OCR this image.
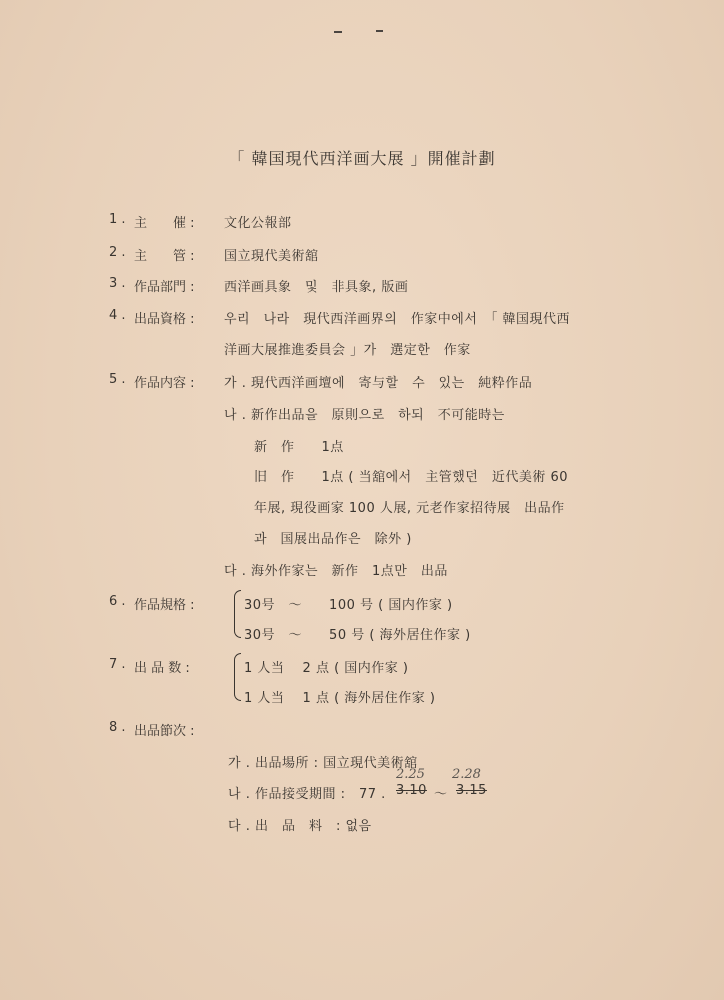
「 韓国現代西洋画大展 」開催計劃
1 . 主　　催 : 文化公報部
2 . 主　　管 : 国立現代美術舘
3 . 作品部門 : 西洋画具象　및　非具象, 版画
4 . 出品資格 : 우리　나라　現代西洋画界의　作家中에서　「 韓国現代西
洋画大展推進委員会 」가　選定한　作家
5 . 作品内容 : 가 . 現代西洋画壇에　寄与할　수　있는　純粋作品
나 . 新作出品을　原則으로　하되　不可能時는
新　作　　1点
旧　作　　1点 ( 当舘에서　主管했던　近代美術 60
年展, 現役画家 100 人展, 元老作家招待展　出品作
과　国展出品作은　除外 )
다 . 海外作家는　新作　1点만　出品
6 . 作品規格 :	30号　～　　100 号 ( 国内作家 )
30号　～　　50 号 ( 海外居住作家 )
7 . 出 品 数 :	1 人当　 2 点 ( 国内作家 )
1 人当　 1 点 ( 海外居住作家 )
8 . 出品節次 :
가 . 出品場所 : 国立現代美術舘
나 . 作品接受期間 :　77 . 3.10 ～ 3.15
2.25 2.28
다 . 出　品　料　: 없음
